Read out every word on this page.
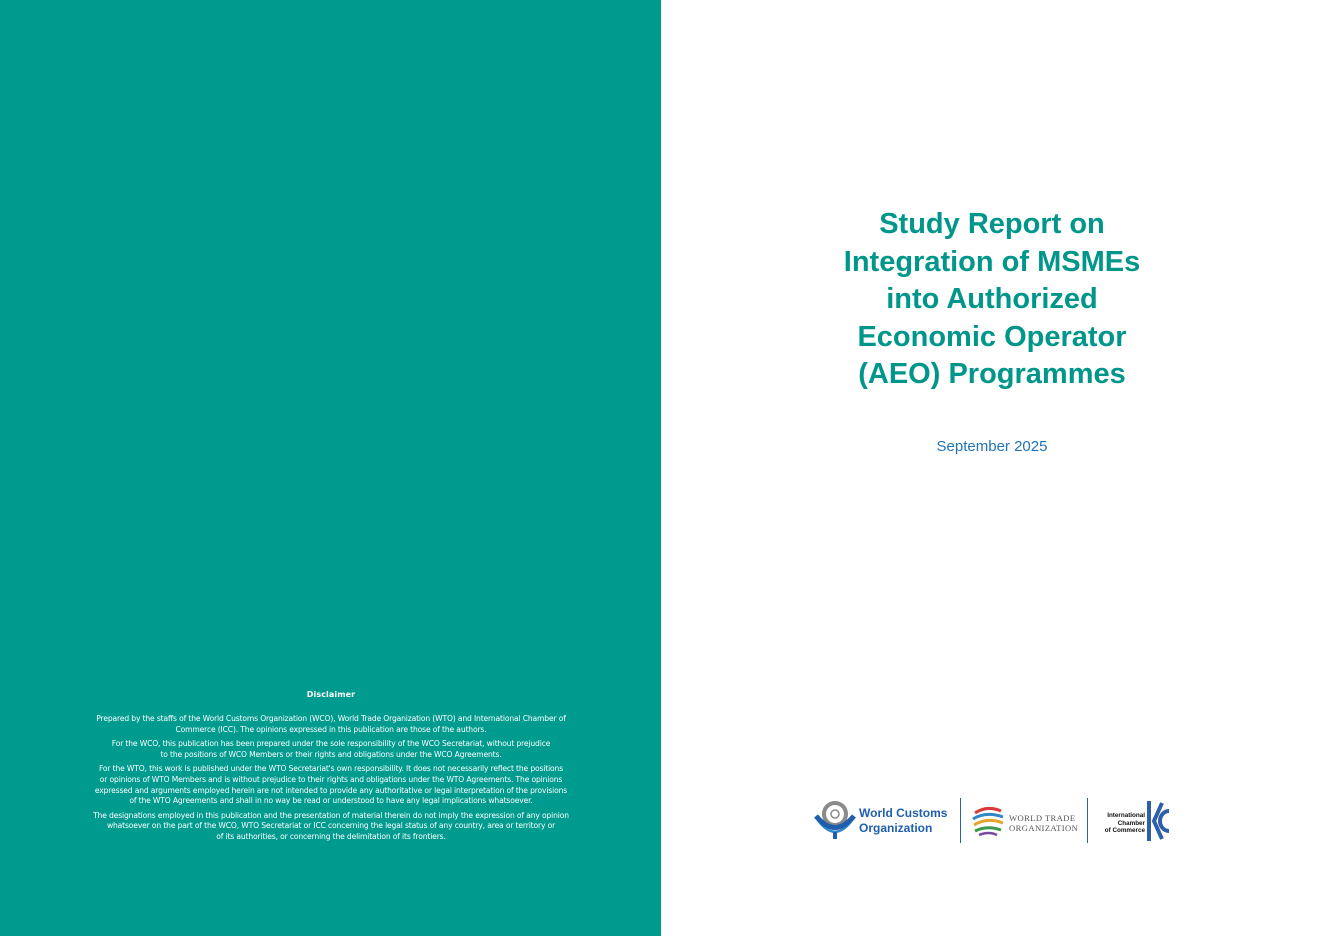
Disclaimer

Prepared by the staffs of the World Customs Organization (WCO), World Trade Organization (WTO) and International Chamber of
Commerce (ICC). The opinions expressed in this publication are those of the authors.

For the WCO, this publication has been prepared under the sole responsibility of the WCO Secretariat, without prejudice
to the positions of WCO Members or their rights and obligations under the WCO Agreements.

For the WTO, this work is published under the WTO Secretariat's own responsibility. It does not necessarily reflect the positions
or opinions of WTO Members and is without prejudice to their rights and obligations under the WTO Agreements. The opinions
expressed and arguments employed herein are not intended to provide any authoritative or legal interpretation of the provisions
of the WTO Agreements and shall in no way be read or understood to have any legal implications whatsoever.

The designations employed in this publication and the presentation of material therein do not imply the expression of any opinion
whatsoever on the part of the WCO, WTO Secretariat or ICC concerning the legal status of any country, area or territory or
of its authorities, or concerning the delimitation of its frontiers.

Study Report on
Integration of MSMEs
into Authorized
Economic Operator
(AEO) Programmes
September 2025
World Customs
Organization
WORLD TRADE
ORGANIZATION
International
Chamber
of Commerce
